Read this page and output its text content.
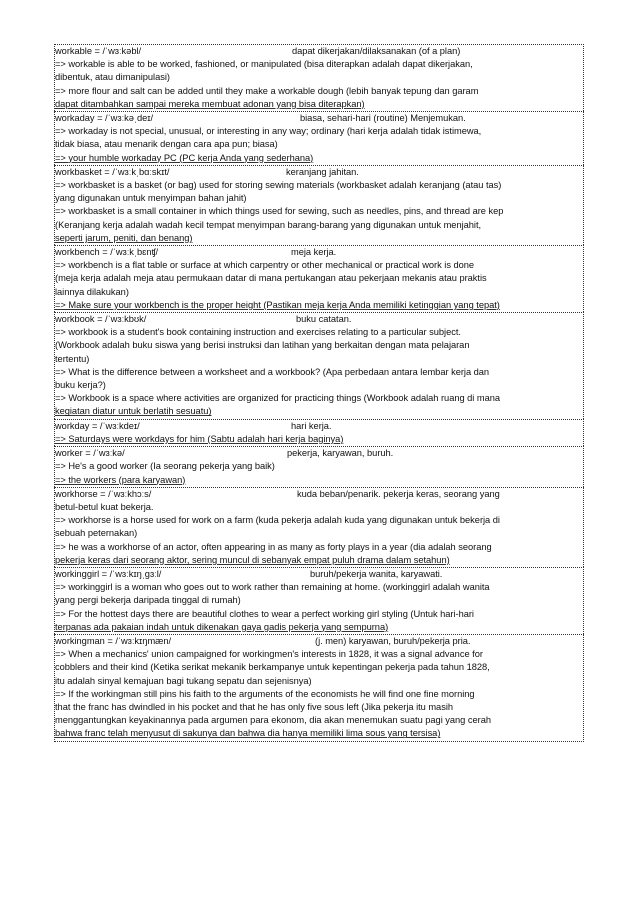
workable = /ˈwɜːkəbl/	dapat dikerjakan/dilaksanakan (of a plan)
=> workable is able to be worked, fashioned, or manipulated (bisa diterapkan adalah dapat dikerjakan,
dibentuk, atau dimanipulasi)
=> more flour and salt can be added until they make a workable dough (lebih banyak tepung dan garam
dapat ditambahkan sampai mereka membuat adonan yang bisa diterapkan)
workaday = /ˈwɜːkəˌdeɪ/	biasa, sehari-hari (routine) Menjemukan.
=> workaday is not special, unusual, or interesting in any way; ordinary (hari kerja adalah tidak istimewa,
tidak biasa, atau menarik dengan cara apa pun; biasa)
=> your humble workaday PC (PC kerja Anda yang sederhana)
workbasket = /ˈwɜːkˌbɑːskɪt/	keranjang jahitan.
=> workbasket is a basket (or bag) used for storing sewing materials (workbasket adalah keranjang (atau tas)
yang digunakan untuk menyimpan bahan jahit)
=> workbasket is a small container in which things used for sewing, such as needles, pins, and thread are kep
(Keranjang kerja adalah wadah kecil tempat menyimpan barang-barang yang digunakan untuk menjahit,
seperti jarum, peniti, dan benang)
workbench = /ˈwɜːkˌbɛnʧ/	meja kerja.
=> workbench is a flat table or surface at which carpentry or other mechanical or practical work is done
(meja kerja adalah meja atau permukaan datar di mana pertukangan atau pekerjaan mekanis atau praktis
lainnya dilakukan)
=> Make sure your workbench is the proper height (Pastikan meja kerja Anda memiliki ketinggian yang tepat)
workbook = /ˈwɜːkbʊk/	buku catatan.
=> workbook is a student's book containing instruction and exercises relating to a particular subject.
(Workbook adalah buku siswa yang berisi instruksi dan latihan yang berkaitan dengan mata pelajaran
tertentu)
=> What is the difference between a worksheet and a workbook? (Apa perbedaan antara lembar kerja dan
buku kerja?)
=> Workbook is a space where activities are organized for practicing things (Workbook adalah ruang di mana
kegiatan diatur untuk berlatih sesuatu)
workday = /ˈwɜːkdeɪ/	hari kerja.
=> Saturdays were workdays for him (Sabtu adalah hari kerja baginya)
worker = /ˈwɜːkə/	pekerja, karyawan, buruh.
=> He's a good worker (Ia seorang pekerja yang baik)
=> the workers (para karyawan)
workhorse = /ˈwɜːkhɔːs/	kuda beban/penarik. pekerja keras, seorang yang
betul-betul kuat bekerja.
=> workhorse is a horse used for work on a farm (kuda pekerja adalah kuda yang digunakan untuk bekerja di
sebuah peternakan)
=> he was a workhorse of an actor, often appearing in as many as forty plays in a year (dia adalah seorang
pekerja keras dari seorang aktor, sering muncul di sebanyak empat puluh drama dalam setahun)
workinggirl = /ˈwɜːkɪŋˌɡɜːl/	buruh/pekerja wanita, karyawati.
=> workinggirl is a woman who goes out to work rather than remaining at home. (workinggirl adalah wanita
yang pergi bekerja daripada tinggal di rumah)
=> For the hottest days there are beautiful clothes to wear a perfect working girl styling (Untuk hari-hari
terpanas ada pakaian indah untuk dikenakan gaya gadis pekerja yang sempurna)
workingman = /ˈwɜːkɪŋmæn/	(j. men) karyawan, buruh/pekerja pria.
=> When a mechanics' union campaigned for workingmen's interests in 1828, it was a signal advance for
cobblers and their kind (Ketika serikat mekanik berkampanye untuk kepentingan pekerja pada tahun 1828,
itu adalah sinyal kemajuan bagi tukang sepatu dan sejenisnya)
=> If the workingman still pins his faith to the arguments of the economists he will find one fine morning
that the franc has dwindled in his pocket and that he has only five sous left (Jika pekerja itu masih
menggantungkan keyakinannya pada argumen para ekonom, dia akan menemukan suatu pagi yang cerah
bahwa franc telah menyusut di sakunya dan bahwa dia hanya memiliki lima sous yang tersisa)
